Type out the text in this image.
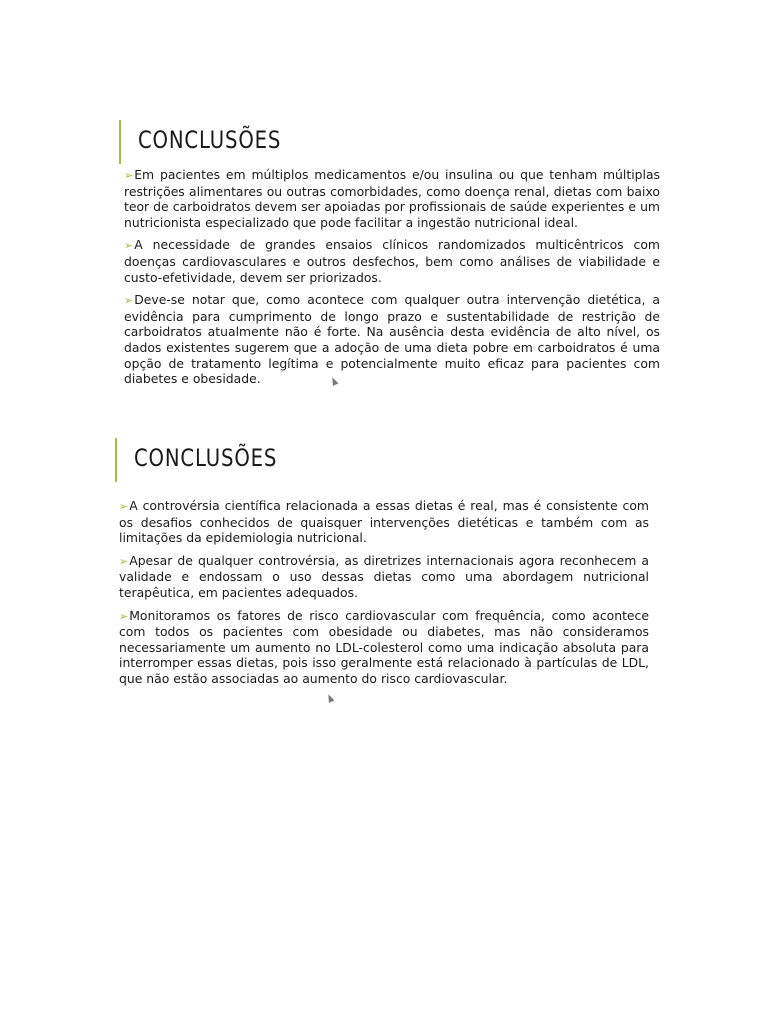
CONCLUSÕES
➢Em pacientes em múltiplos medicamentos e/ou insulina ou que tenham múltiplas restrições alimentares ou outras comorbidades, como doença renal, dietas com baixo teor de carboidratos devem ser apoiadas por profissionais de saúde experientes e um nutricionista especializado que pode facilitar a ingestão nutricional ideal.
➢A necessidade de grandes ensaios clínicos randomizados multicêntricos com doenças cardiovasculares e outros desfechos, bem como análises de viabilidade e custo-efetividade, devem ser priorizados.
➢Deve-se notar que, como acontece com qualquer outra intervenção dietética, a evidência para cumprimento de longo prazo e sustentabilidade de restrição de carboidratos atualmente não é forte. Na ausência desta evidência de alto nível, os dados existentes sugerem que a adoção de uma dieta pobre em carboidratos é uma opção de tratamento legítima e potencialmente muito eficaz para pacientes com diabetes e obesidade.
CONCLUSÕES
➢A controvérsia científica relacionada a essas dietas é real, mas é consistente com os desafios conhecidos de quaisquer intervenções dietéticas e também com as limitações da epidemiologia nutricional.
➢Apesar de qualquer controvérsia, as diretrizes internacionais agora reconhecem a validade e endossam o uso dessas dietas como uma abordagem nutricional terapêutica, em pacientes adequados.
➢Monitoramos os fatores de risco cardiovascular com frequência, como acontece com todos os pacientes com obesidade ou diabetes, mas não consideramos necessariamente um aumento no LDL-colesterol como uma indicação absoluta para interromper essas dietas, pois isso geralmente está relacionado à partículas de LDL, que não estão associadas ao aumento do risco cardiovascular.
